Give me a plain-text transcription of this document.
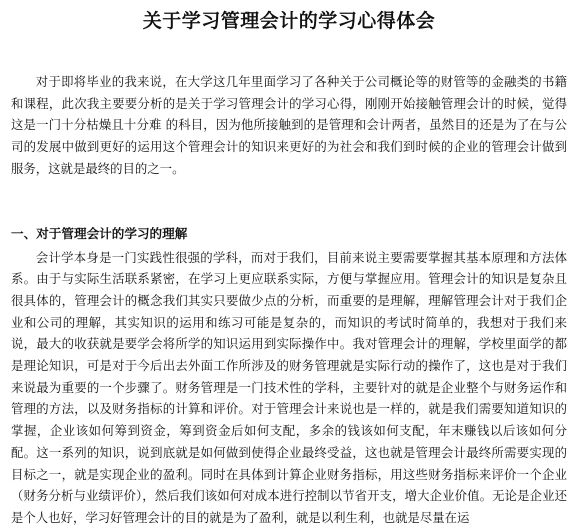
关于学习管理会计的学习心得体会

对于即将毕业的我来说，在大学这几年里面学习了各种关于公司概论等的财管等的金融类的书籍和课程，此次我主要要分析的是关于学习管理会计的学习心得，刚刚开始接触管理会计的时候，觉得这是一门十分枯燥且十分难 的科目，因为他所接触到的是管理和会计两者，虽然目的还是为了在与公司的发展中做到更好的运用这个管理会计的知识来更好的为社会和我们到时候的企业的管理会计做到服务，这就是最终的目的之一。

一、对于管理会计的学习的理解

会计学本身是一门实践性很强的学科，而对于我们，目前来说主要需要掌握其基本原理和方法体系。由于与实际生活联系紧密，在学习上更应联系实际，方便与掌握应用。管理会计的知识是复杂且很具体的，管理会计的概念我们其实只要做少点的分析，而重要的是理解，理解管理会计对于我们企业和公司的理解，其实知识的运用和练习可能是复杂的，而知识的考试时简单的，我想对于我们来说，最大的收获就是要学会将所学的知识运用到实际操作中。我对管理会计的理解，学校里面学的都是理论知识，可是对于今后出去外面工作所涉及的财务管理就是实际行动的操作了，这也是对于我们来说最为重要的一个步骤了。财务管理是一门技术性的学科，主要针对的就是企业整个与财务运作和管理的方法，以及财务指标的计算和评价。对于管理会计来说也是一样的，就是我们需要知道知识的掌握，企业该如何筹到资金，筹到资金后如何支配，多余的钱该如何支配，年末赚钱以后该如何分配。这一系列的知识，说到底就是如何做到使得企业最终受益，这也就是管理会计最终所需要实现的目标之一，就是实现企业的盈利。同时在具体到计算企业财务指标，用这些财务指标来评价一个企业（财务分析与业绩评价），然后我们该如何对成本进行控制以节省开支，增大企业价值。无论是企业还是个人也好，学习好管理会计的目的就是为了盈利，就是以利生利，也就是尽量在运
